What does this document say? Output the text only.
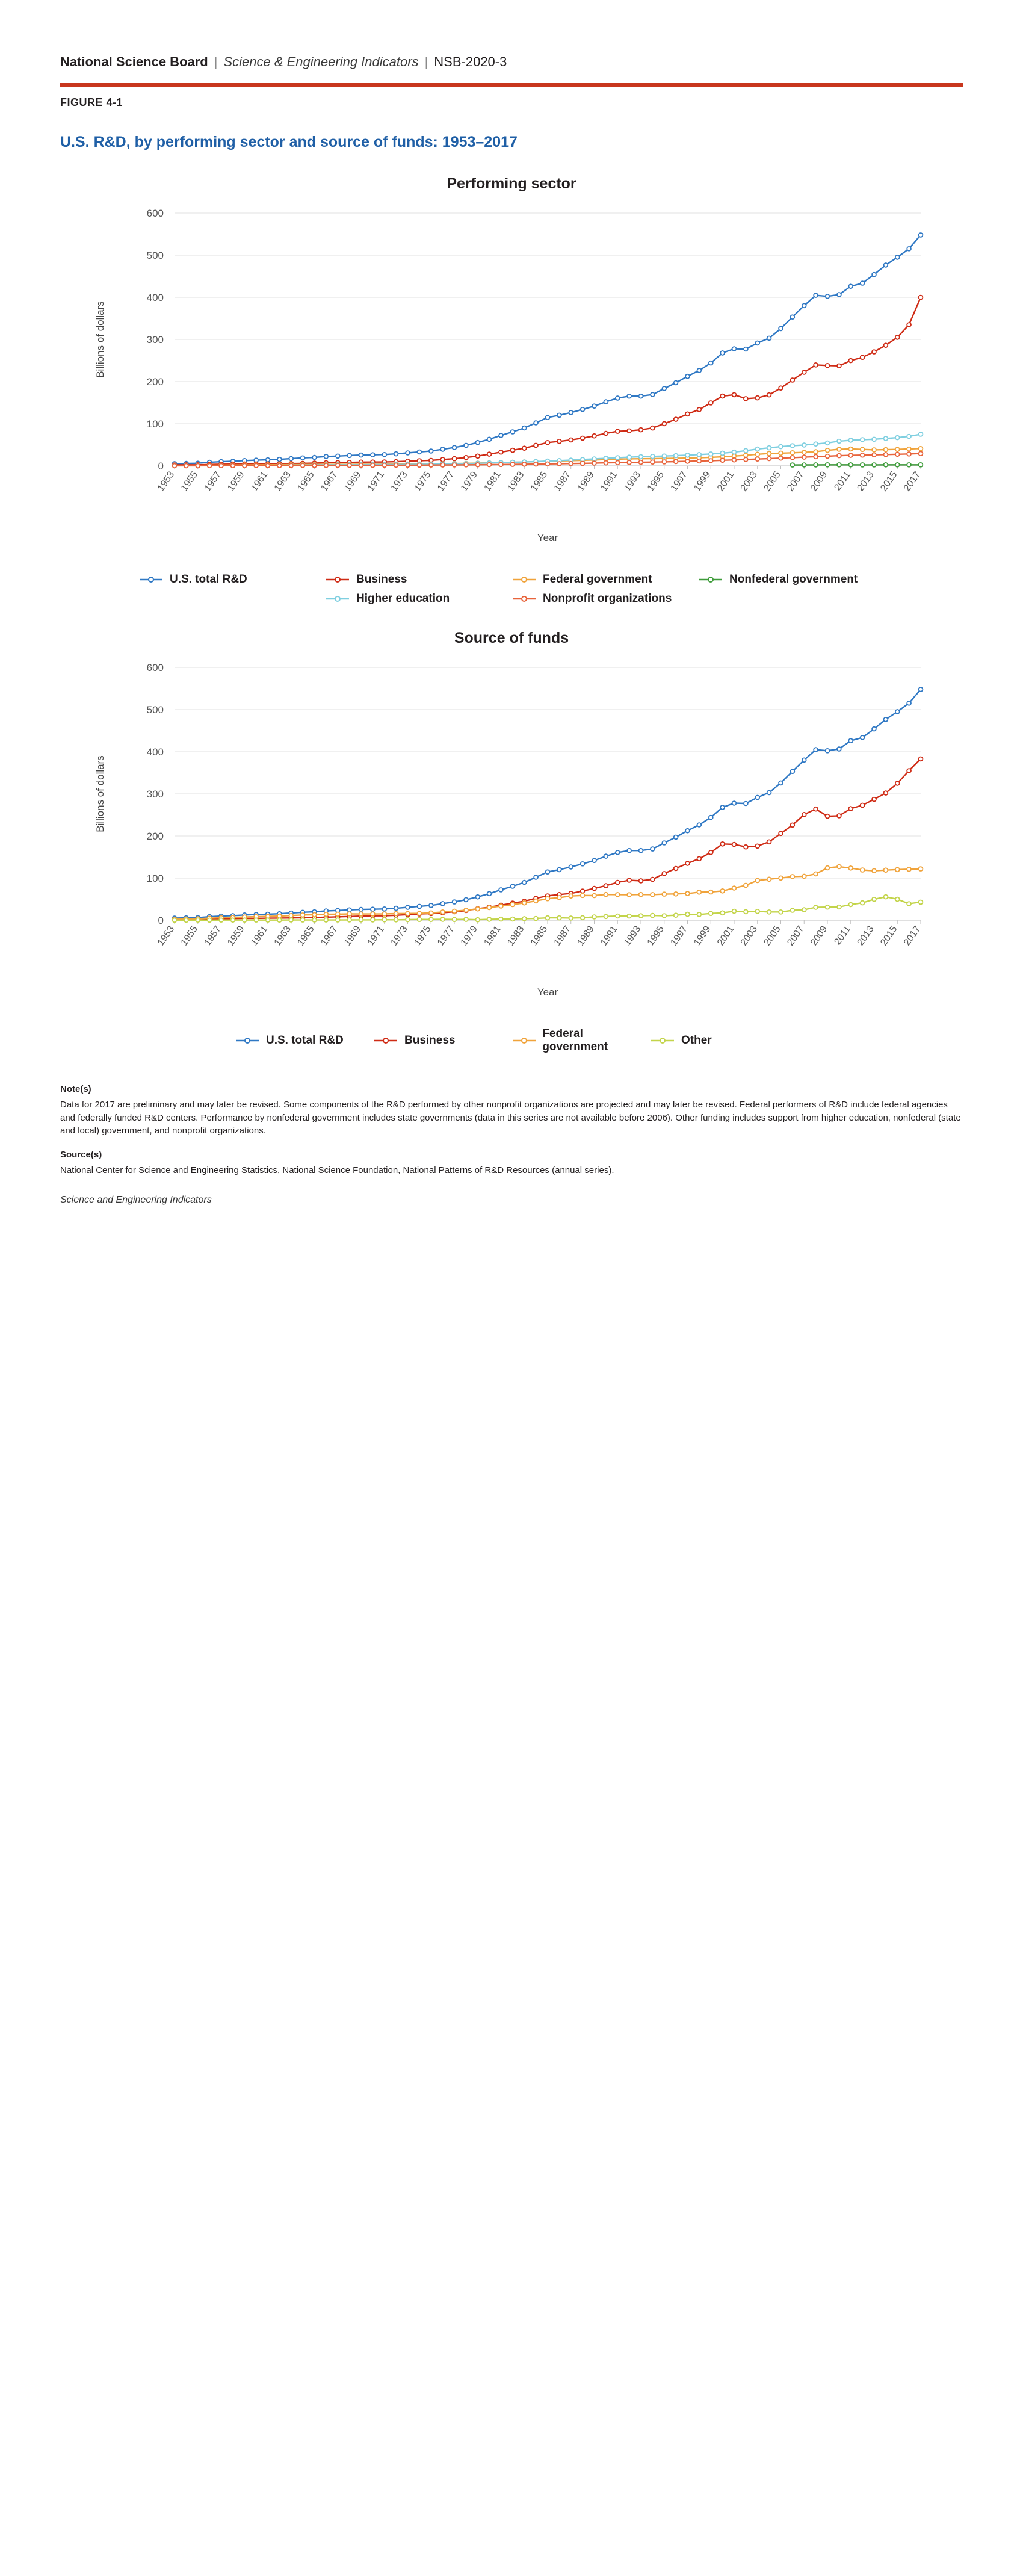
National Science Board | Science & Engineering Indicators | NSB-2020-3
FIGURE 4-1
U.S. R&D, by performing sector and source of funds: 1953–2017
Performing sector
0
100
200
300
400
500
600
Billions of dollars
1953 1955 1957 1959 1961 1963 1965 1967 1969 1971 1973 1975 1977 1979 1981 1983 1985 1987 1989 1991 1993 1995 1997 1999 2001 2003 2005 2007 2009 2011 2013 2015 2017
Year
U.S. total R&D	Business	Federal government	Nonfederal government
Higher education	Nonprofit organizations
Source of funds
0
100
200
300
400
500
600
Billions of dollars
1953 1955 1957 1959 1961 1963 1965 1967 1969 1971 1973 1975 1977 1979 1981 1983 1985 1987 1989 1991 1993 1995 1997 1999 2001 2003 2005 2007 2009 2011 2013 2015 2017
Year
U.S. total R&D	Business
Federal government
Other
Note(s)

Data for 2017 are preliminary and may later be revised. Some components of the R&D performed by other nonprofit organizations are projected and may later be revised. Federal performers of R&D include federal agencies and federally funded R&D centers. Performance by nonfederal government includes state governments (data in this series are not available before 2006). Other funding includes support from higher education, nonfederal (state and local) government, and nonprofit organizations.

Source(s)

National Center for Science and Engineering Statistics, National Science Foundation, National Patterns of R&D Resources (annual series).

Science and Engineering Indicators
